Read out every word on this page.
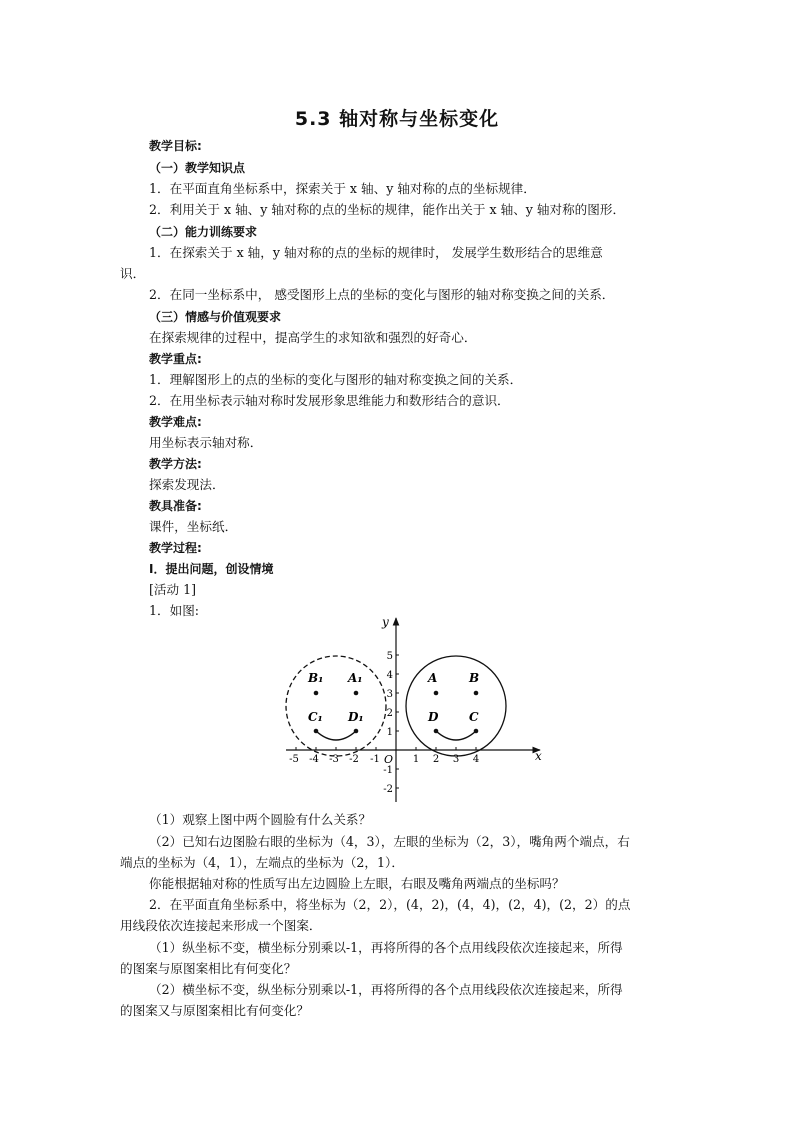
5.3 轴对称与坐标变化
教学目标:
（一）教学知识点
1．在平面直角坐标系中，探索关于 x 轴、y 轴对称的点的坐标规律．
2．利用关于 x 轴、y 轴对称的点的坐标的规律，能作出关于 x 轴、y 轴对称的图形．
（二）能力训练要求
1．在探索关于 x 轴，y 轴对称的点的坐标的规律时， 发展学生数形结合的思维意
识．
2．在同一坐标系中， 感受图形上点的坐标的变化与图形的轴对称变换之间的关系．
（三）情感与价值观要求
在探索规律的过程中，提高学生的求知欲和强烈的好奇心．
教学重点:
1．理解图形上的点的坐标的变化与图形的轴对称变换之间的关系．
2．在用坐标表示轴对称时发展形象思维能力和数形结合的意识．
教学难点:
用坐标表示轴对称．
教学方法:
探索发现法．
教具准备:
课件，坐标纸．
教学过程:
Ⅰ．提出问题，创设情境
[活动 1]
1．如图:
x
y
O
-5 -4 -3 -2 -1	1 2 3 4
1
2
3
4
5
-1
-2
A	B
D	C
B₁ A₁
C₁ D₁
（1）观察上图中两个圆脸有什么关系？
（2）已知右边图脸右眼的坐标为（4，3），左眼的坐标为（2，3），嘴角两个端点，右
端点的坐标为（4，1），左端点的坐标为（2，1）．
你能根据轴对称的性质写出左边圆脸上左眼，右眼及嘴角两端点的坐标吗？
2．在平面直角坐标系中，将坐标为（2，2），(4，2)，(4，4)，(2，4)，(2，2）的点
用线段依次连接起来形成一个图案．
（1）纵坐标不变，横坐标分别乘以-1，再将所得的各个点用线段依次连接起来，所得
的图案与原图案相比有何变化？
（2）横坐标不变，纵坐标分别乘以-1，再将所得的各个点用线段依次连接起来，所得
的图案又与原图案相比有何变化？
